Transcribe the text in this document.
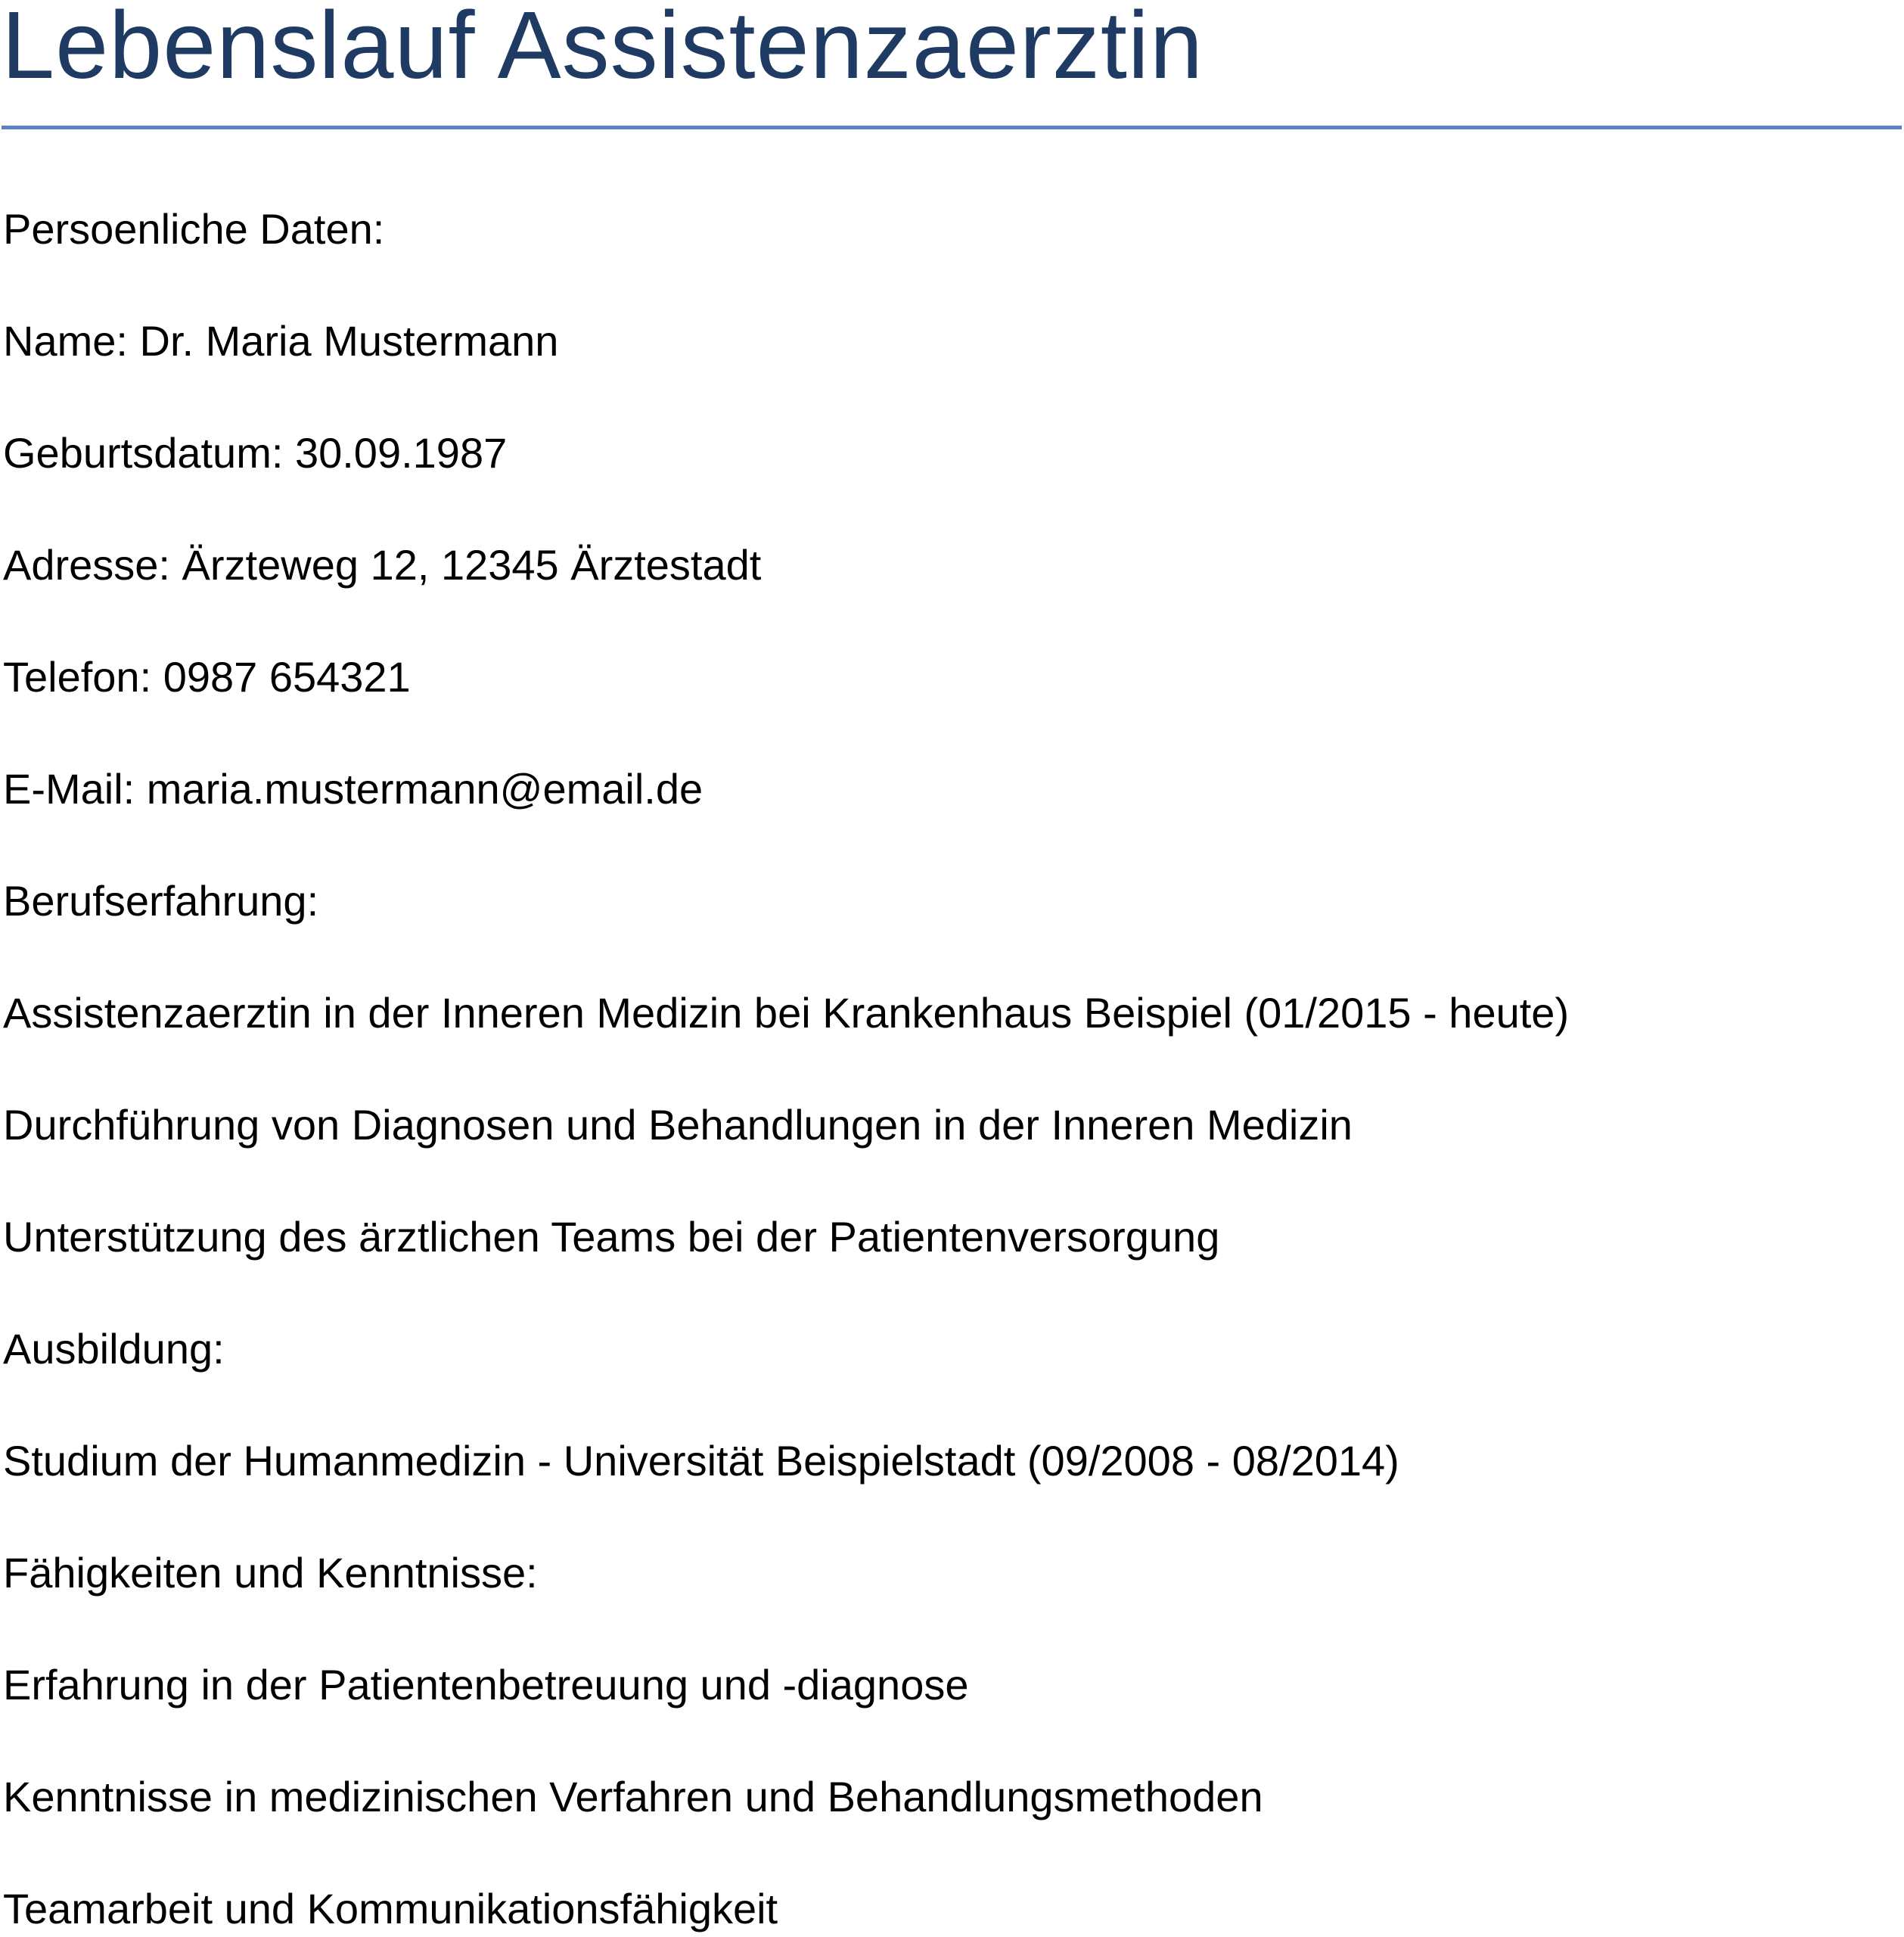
Lebenslauf Assistenzaerztin

Persoenliche Daten:

Name: Dr. Maria Mustermann

Geburtsdatum: 30.09.1987

Adresse: Ärzteweg 12, 12345 Ärztestadt

Telefon: 0987 654321

E-Mail: maria.mustermann@email.de

Berufserfahrung:

Assistenzaerztin in der Inneren Medizin bei Krankenhaus Beispiel (01/2015 - heute)

Durchführung von Diagnosen und Behandlungen in der Inneren Medizin

Unterstützung des ärztlichen Teams bei der Patientenversorgung

Ausbildung:

Studium der Humanmedizin - Universität Beispielstadt (09/2008 - 08/2014)

Fähigkeiten und Kenntnisse:

Erfahrung in der Patientenbetreuung und -diagnose

Kenntnisse in medizinischen Verfahren und Behandlungsmethoden

Teamarbeit und Kommunikationsfähigkeit
